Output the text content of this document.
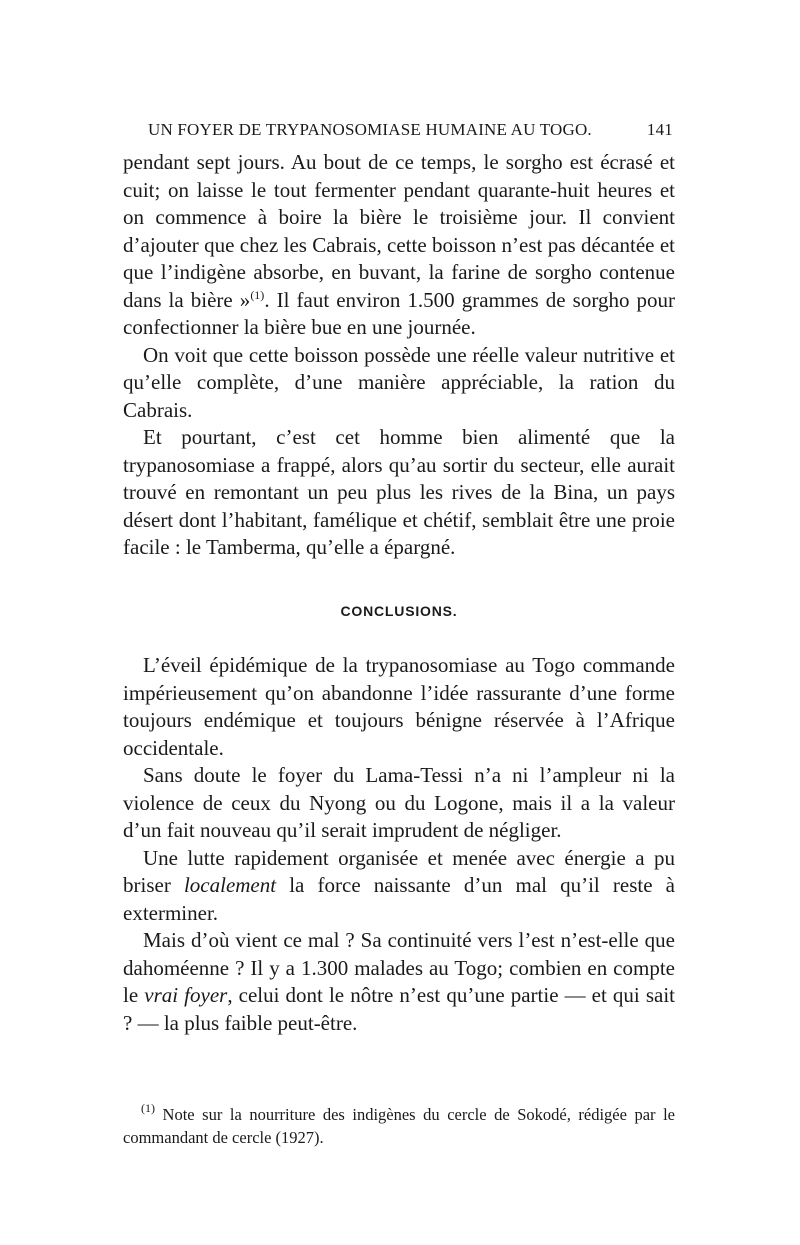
UN FOYER DE TRYPANOSOMIASE HUMAINE AU TOGO.	141

pendant sept jours. Au bout de ce temps, le sorgho est écrasé et cuit; on laisse le tout fermenter pendant quarante-huit heures et on commence à boire la bière le troisième jour. Il convient d’ajouter que chez les Cabrais, cette boisson n’est pas décantée et que l’indigène absorbe, en buvant, la farine de sorgho contenue dans la bière »$^{(1)}$. Il faut environ 1.500 grammes de sorgho pour confectionner la bière bue en une journée.

On voit que cette boisson possède une réelle valeur nutritive et qu’elle complète, d’une manière appréciable, la ration du Cabrais.

Et pourtant, c’est cet homme bien alimenté que la trypanosomiase a frappé, alors qu’au sortir du secteur, elle aurait trouvé en remontant un peu plus les rives de la Bina, un pays désert dont l’habitant, famélique et chétif, semblait être une proie facile : le Tamberma, qu’elle a épargné.

CONCLUSIONS.

L’éveil épidémique de la trypanosomiase au Togo commande impérieusement qu’on abandonne l’idée rassurante d’une forme toujours endémique et toujours bénigne réservée à l’Afrique occidentale.

Sans doute le foyer du Lama-Tessi n’a ni l’ampleur ni la violence de ceux du Nyong ou du Logone, mais il a la valeur d’un fait nouveau qu’il serait imprudent de négliger.

Une lutte rapidement organisée et menée avec énergie a pu briser localement la force naissante d’un mal qu’il reste à exterminer.

Mais d’où vient ce mal ? Sa continuité vers l’est n’est-elle que dahoméenne ? Il y a 1.300 malades au Togo; combien en compte le vrai foyer, celui dont le nôtre n’est qu’une partie — et qui sait ? — la plus faible peut-être.

$^{(1)}$ Note sur la nourriture des indigènes du cercle de Sokodé, rédigée par le commandant de cercle (1927).
